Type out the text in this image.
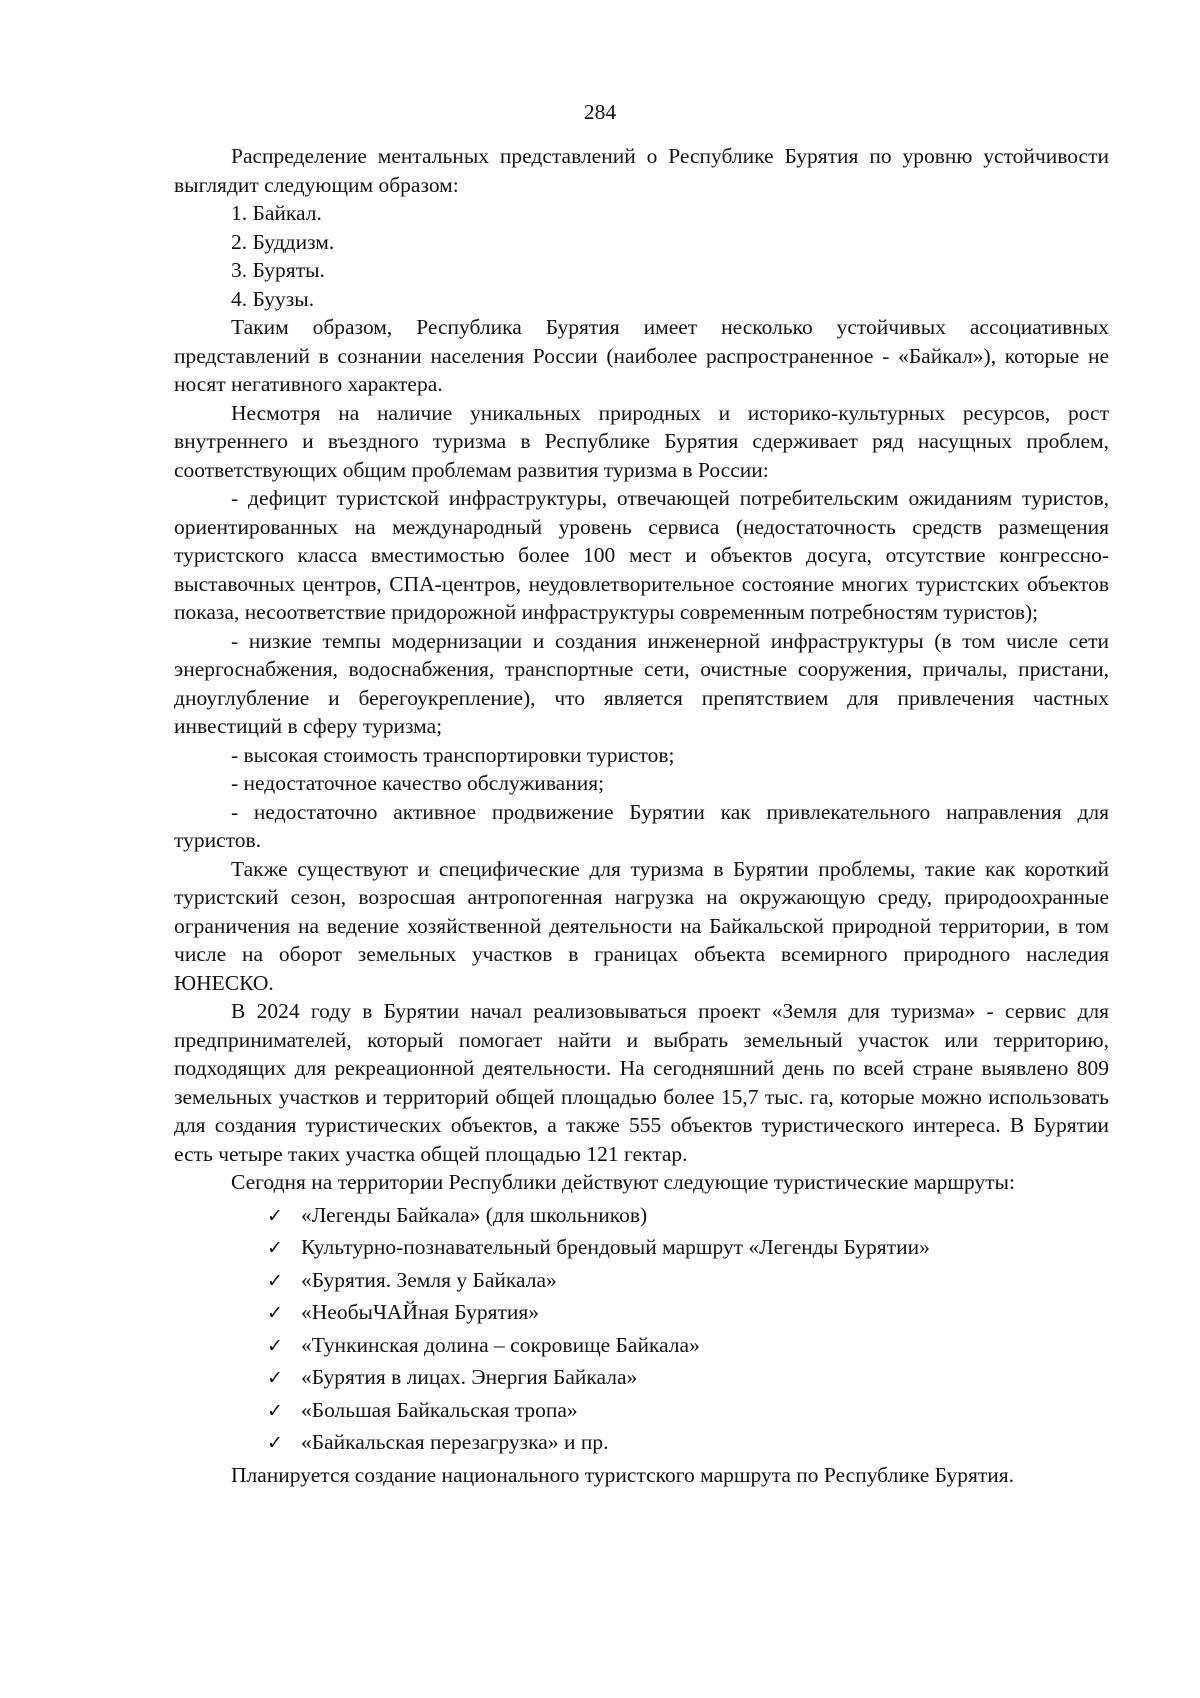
284

Распределение ментальных представлений о Республике Бурятия по уровню устойчивости выглядит следующим образом:

1. Байкал.
2. Буддизм.
3. Буряты.
4. Буузы.

Таким образом, Республика Бурятия имеет несколько устойчивых ассоциативных представлений в сознании населения России (наиболее распространенное - «Байкал»), которые не носят негативного характера.

Несмотря на наличие уникальных природных и историко-культурных ресурсов, рост внутреннего и въездного туризма в Республике Бурятия сдерживает ряд насущных проблем, соответствующих общим проблемам развития туризма в России:

- дефицит туристской инфраструктуры, отвечающей потребительским ожиданиям туристов, ориентированных на международный уровень сервиса (недостаточность средств размещения туристского класса вместимостью более 100 мест и объектов досуга, отсутствие конгрессно-выставочных центров, СПА-центров, неудовлетворительное состояние многих туристских объектов показа, несоответствие придорожной инфраструктуры современным потребностям туристов);

- низкие темпы модернизации и создания инженерной инфраструктуры (в том числе сети энергоснабжения, водоснабжения, транспортные сети, очистные сооружения, причалы, пристани, дноуглубление и берегоукрепление), что является препятствием для привлечения частных инвестиций в сферу туризма;

- высокая стоимость транспортировки туристов;

- недостаточное качество обслуживания;

- недостаточно активное продвижение Бурятии как привлекательного направления для туристов.

Также существуют и специфические для туризма в Бурятии проблемы, такие как короткий туристский сезон, возросшая антропогенная нагрузка на окружающую среду, природоохранные ограничения на ведение хозяйственной деятельности на Байкальской природной территории, в том числе на оборот земельных участков в границах объекта всемирного природного наследия ЮНЕСКО.

В 2024 году в Бурятии начал реализовываться проект «Земля для туризма» - сервис для предпринимателей, который помогает найти и выбрать земельный участок или территорию, подходящих для рекреационной деятельности. На сегодняшний день по всей стране выявлено 809 земельных участков и территорий общей площадью более 15,7 тыс. га, которые можно использовать для создания туристических объектов, а также 555 объектов туристического интереса. В Бурятии есть четыре таких участка общей площадью 121 гектар.

Сегодня на территории Республики действуют следующие туристические маршруты:

✓ «Легенды Байкала» (для школьников)
✓ Культурно-познавательный брендовый маршрут «Легенды Бурятии»
✓ «Бурятия. Земля у Байкала»
✓ «НеобыЧАЙная Бурятия»
✓ «Тункинская долина – сокровище Байкала»
✓ «Бурятия в лицах. Энергия Байкала»
✓ «Большая Байкальская тропа»
✓ «Байкальская перезагрузка» и пр.

Планируется создание национального туристского маршрута по Республике Бурятия.
